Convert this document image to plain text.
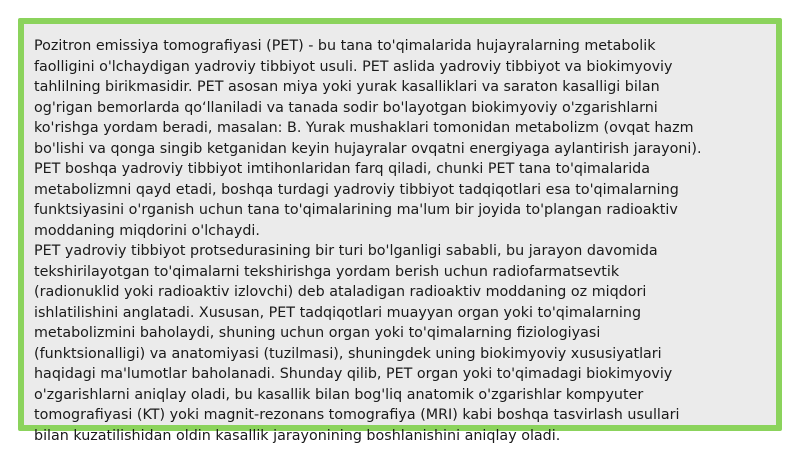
Pozitron emissiya tomografiyasi (PET) - bu tana to'qimalarida hujayralarning metabolik
faolligini o'lchaydigan yadroviy tibbiyot usuli. PET aslida yadroviy tibbiyot va biokimyoviy
tahlilning birikmasidir. PET asosan miya yoki yurak kasalliklari va saraton kasalligi bilan
og'rigan bemorlarda qo‘llaniladi va tanada sodir bo'layotgan biokimyoviy o'zgarishlarni
ko'rishga yordam beradi, masalan: B. Yurak mushaklari tomonidan metabolizm (ovqat hazm
bo'lishi va qonga singib ketganidan keyin hujayralar ovqatni energiyaga aylantirish jarayoni).
PET boshqa yadroviy tibbiyot imtihonlaridan farq qiladi, chunki PET tana to'qimalarida
metabolizmni qayd etadi, boshqa turdagi yadroviy tibbiyot tadqiqotlari esa to'qimalarning
funktsiyasini o'rganish uchun tana to'qimalarining ma'lum bir joyida to'plangan radioaktiv
moddaning miqdorini o'lchaydi.

PET yadroviy tibbiyot protsedurasining bir turi bo'lganligi sababli, bu jarayon davomida
tekshirilayotgan to'qimalarni tekshirishga yordam berish uchun radiofarmatsevtik
(radionuklid yoki radioaktiv izlovchi) deb ataladigan radioaktiv moddaning oz miqdori
ishlatilishini anglatadi. Xususan, PET tadqiqotlari muayyan organ yoki to'qimalarning
metabolizmini baholaydi, shuning uchun organ yoki to'qimalarning fiziologiyasi
(funktsionalligi) va anatomiyasi (tuzilmasi), shuningdek uning biokimyoviy xususiyatlari
haqidagi ma'lumotlar baholanadi. Shunday qilib, PET organ yoki to'qimadagi biokimyoviy
o'zgarishlarni aniqlay oladi, bu kasallik bilan bog'liq anatomik o'zgarishlar kompyuter
tomografiyasi (KT) yoki magnit-rezonans tomografiya (MRI) kabi boshqa tasvirlash usullari
bilan kuzatilishidan oldin kasallik jarayonining boshlanishini aniqlay oladi.
